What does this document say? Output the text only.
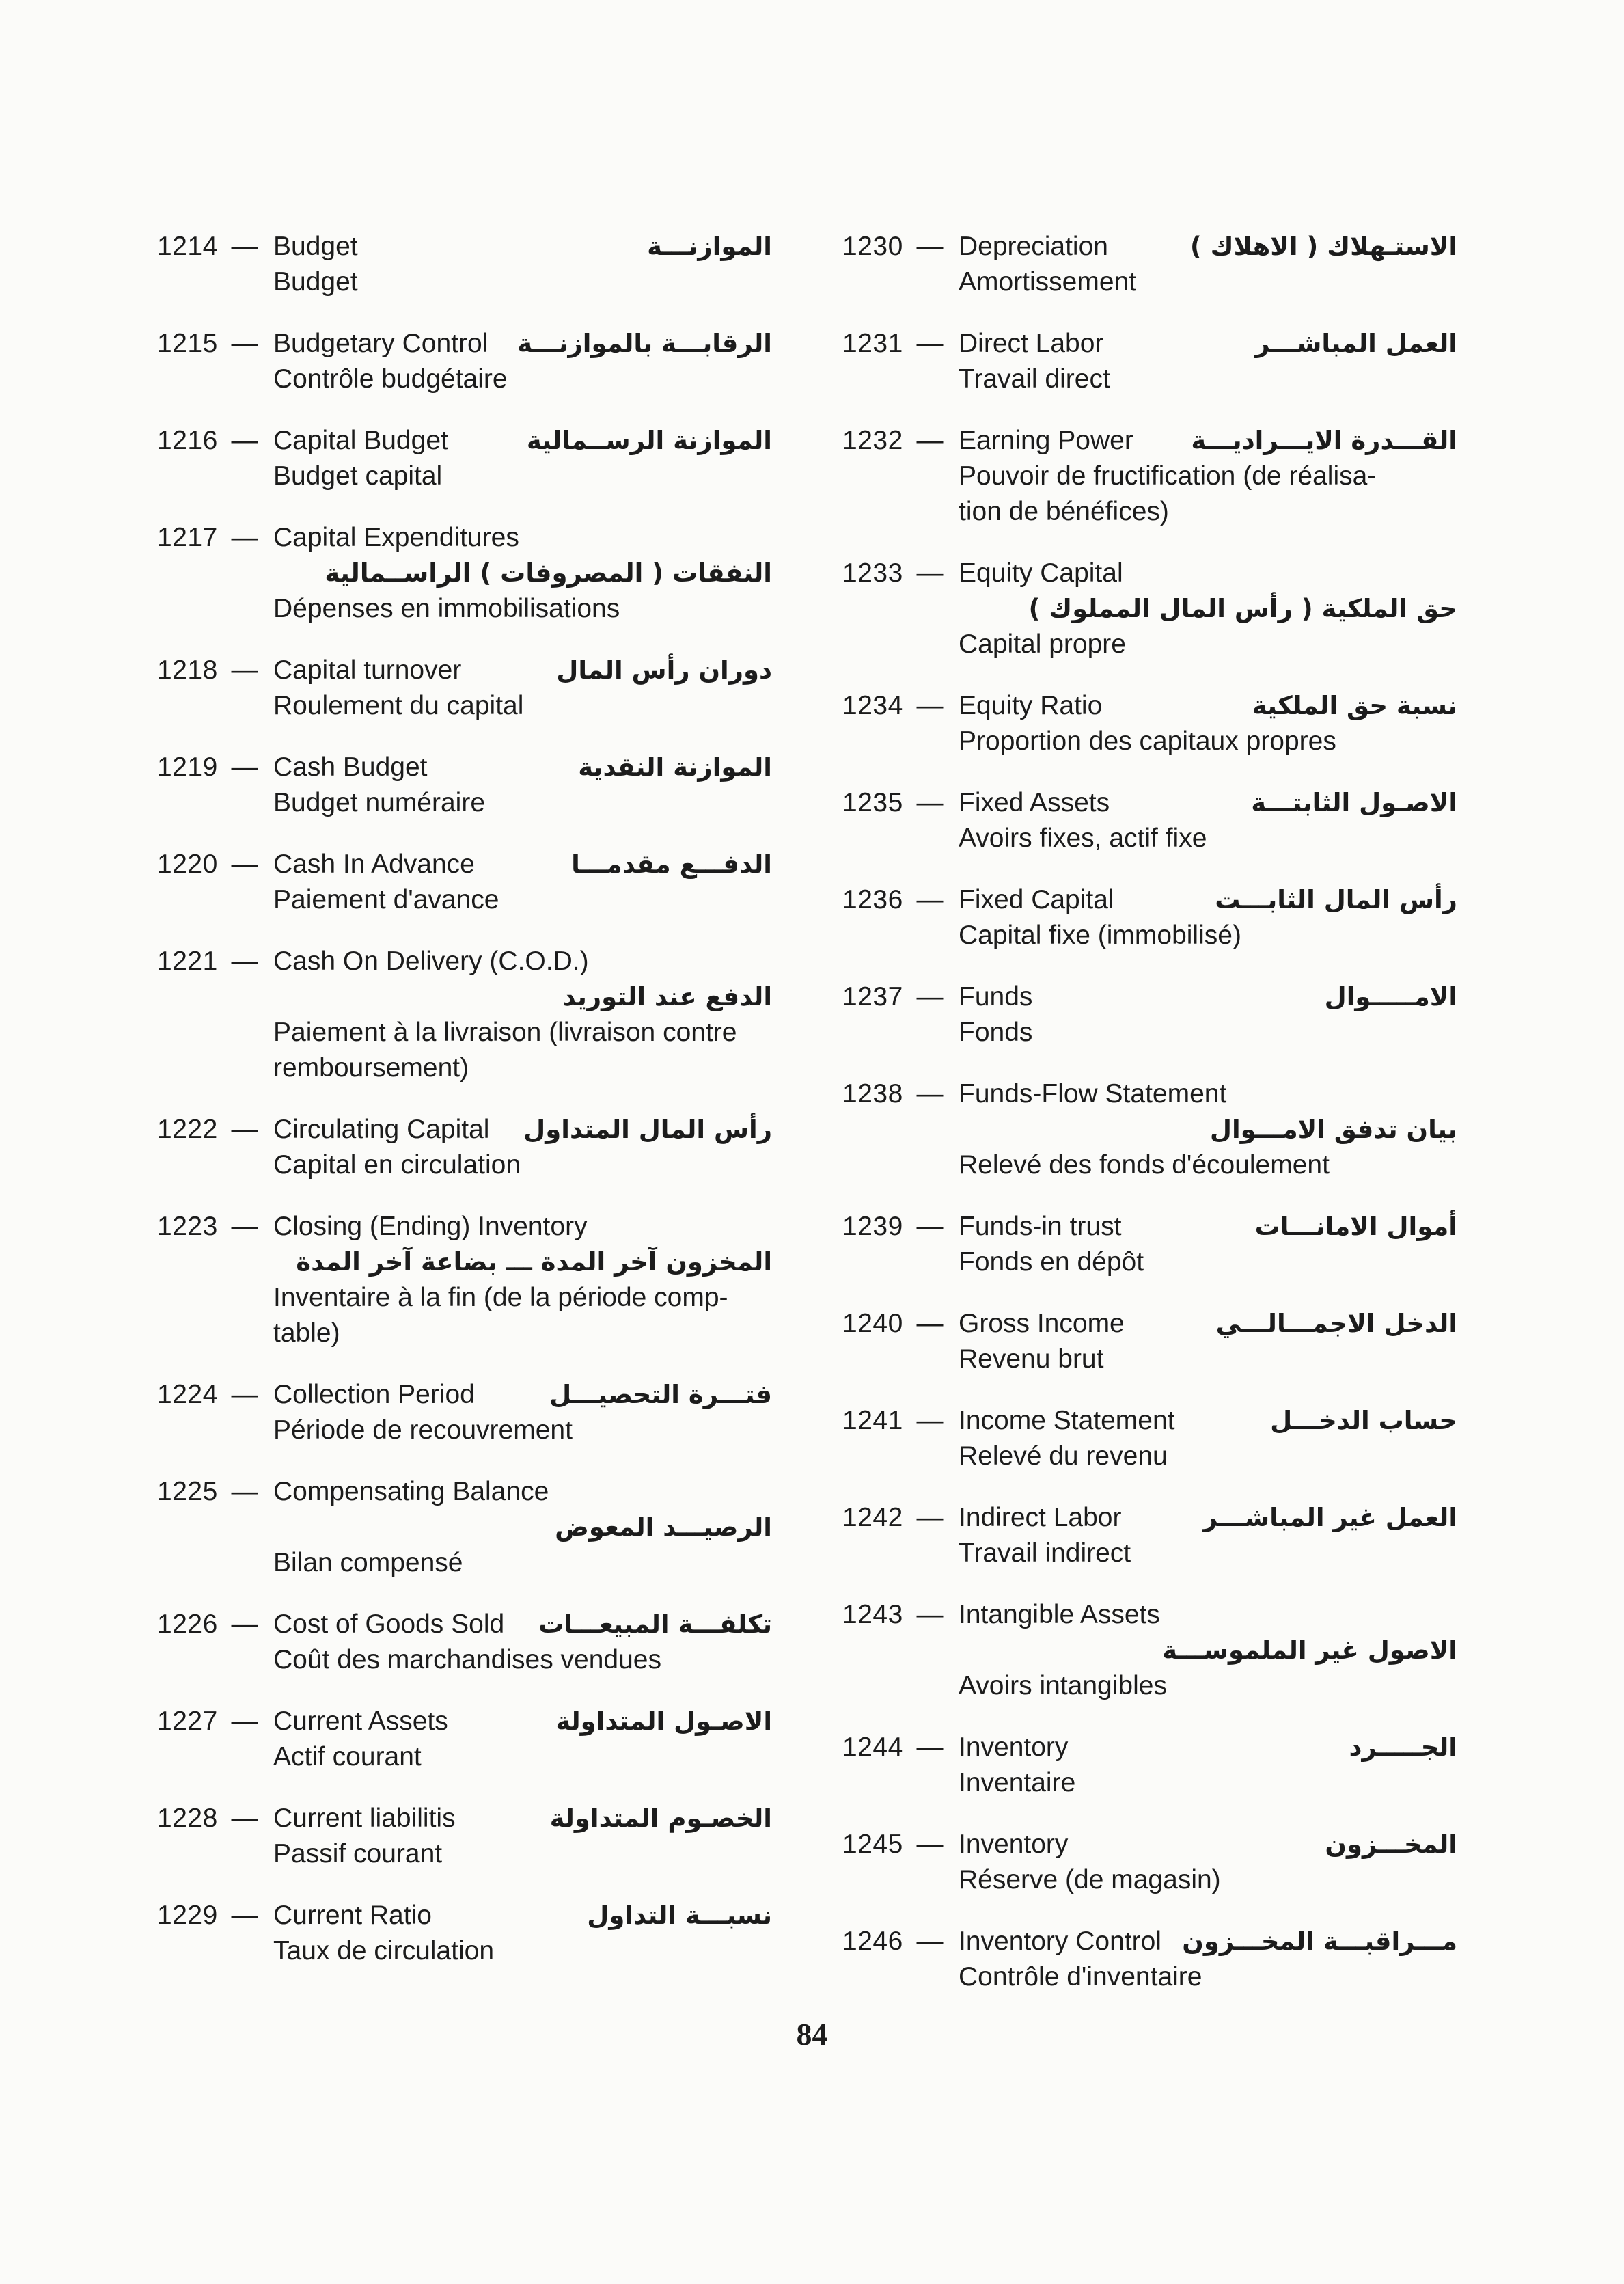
1214 — Budget	الموازنـــة
Budget
1215 — Budgetary Control الرقابـــة بالموازنـــة
Contrôle budgétaire
1216 — Capital Budget	الموازنة الرســمالية
Budget capital
1217 — Capital Expenditures
النفقات ( المصروفات ) الراســمالية
Dépenses en immobilisations
1218 — Capital turnover	دوران رأس المال
Roulement du capital
1219 — Cash Budget	الموازنة النقدية
Budget numéraire
1220 — Cash In Advance	الدفـــع مقدمـــا
Paiement d'avance
1221 — Cash On Delivery (C.O.D.)
الدفع عند التوريد
Paiement à la livraison (livraison contre
remboursement)
1222 — Circulating Capital رأس المال المتداول
Capital en circulation
1223 — Closing (Ending) Inventory
المخزون آخر المدة ـــ بضاعة آخر المدة
Inventaire à la fin (de la période comp-
table)
1224 — Collection Period	فتـــرة التحصيـــل
Période de recouvrement
1225 — Compensating Balance
الرصيـــد المعوض
Bilan compensé
1226 — Cost of Goods Sold تكلفـــة المبيعـــات
Coût des marchandises vendues
1227 — Current Assets	الاصـول المتداولة
Actif courant
1228 — Current liabilitis	الخصـوم المتداولة
Passif courant
1229 — Current Ratio	نسبـــة التداول
Taux de circulation
1230 — Depreciation	الاستـهلاك ( الاهلاك )
Amortissement
1231 — Direct Labor	العمل المباشـــر
Travail direct
1232 — Earning Power القـــدرة الايـــراديـــة
Pouvoir de fructification (de réalisa-
tion de bénéfices)
1233 — Equity Capital
حق الملكية ( رأس المال المملوك )
Capital propre
1234 — Equity Ratio	نسبة حق الملكية
Proportion des capitaux propres
1235 — Fixed Assets	الاصـول الثابتـــة
Avoirs fixes, actif fixe
1236 — Fixed Capital	رأس المال الثابـــت
Capital fixe (immobilisé)
1237 — Funds	الامـــــوال
Fonds
1238 — Funds-Flow Statement
بيان تدفق الامـــوال
Relevé des fonds d'écoulement
1239 — Funds-in trust	أموال الامانـــات
Fonds en dépôt
1240 — Gross Income	الدخل الاجمـــالـــي
Revenu brut
1241 — Income Statement	حساب الدخـــل
Relevé du revenu
1242 — Indirect Labor	العمل غير المباشـــر
Travail indirect
1243 — Intangible Assets
الاصول غير الملموســـة
Avoirs intangibles
1244 — Inventory	الجـــــرد
Inventaire
1245 — Inventory	المخـــزون
Réserve (de magasin)
1246 — Inventory Control مـــراقبـــة المخـــزون
Contrôle d'inventaire
84
